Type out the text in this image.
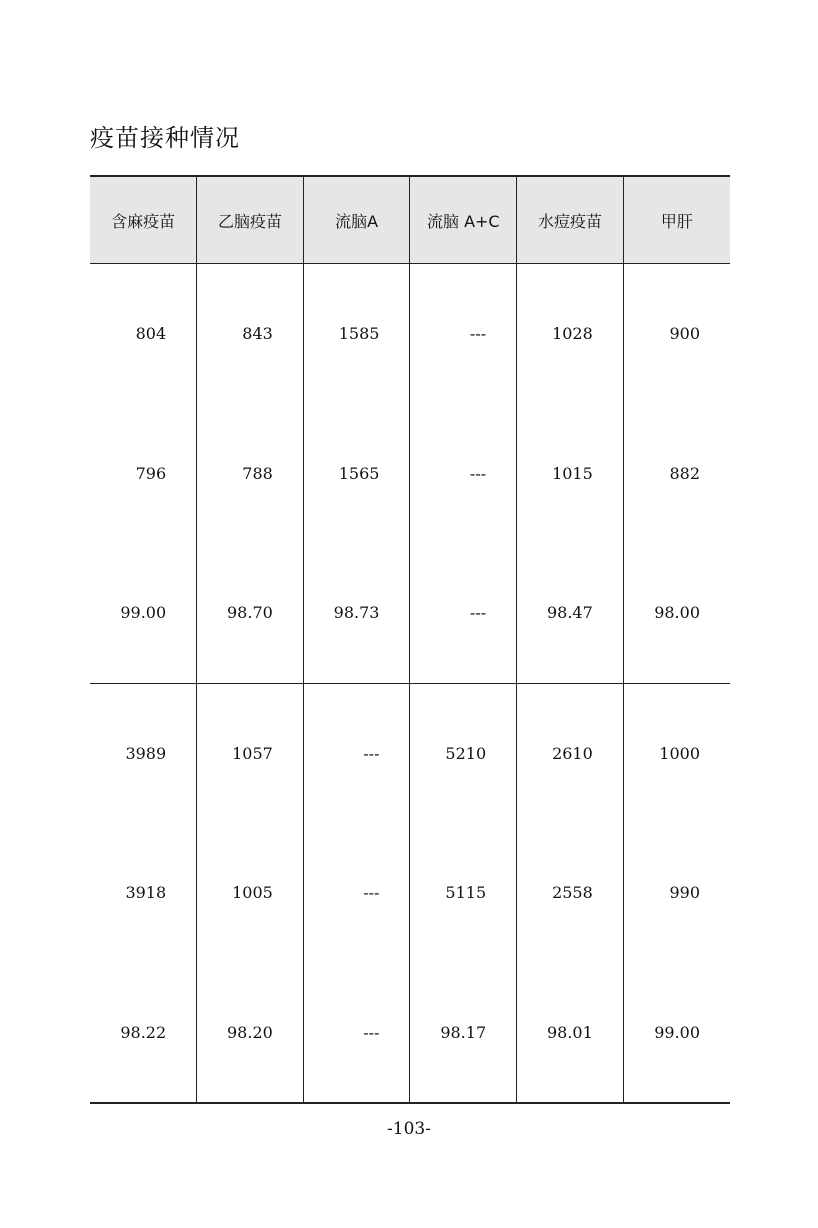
疫苗接种情况
含麻疫苗	乙脑疫苗	流脑A	流脑 A+C	水痘疫苗	甲肝
804	843	1585	---	1028	900
796	788	1565	---	1015	882
99.00	98.70	98.73	---	98.47	98.00
3989	1057	---	5210	2610	1000
3918	1005	---	5115	2558	990
98.22	98.20	---	98.17	98.01	99.00
-103-
